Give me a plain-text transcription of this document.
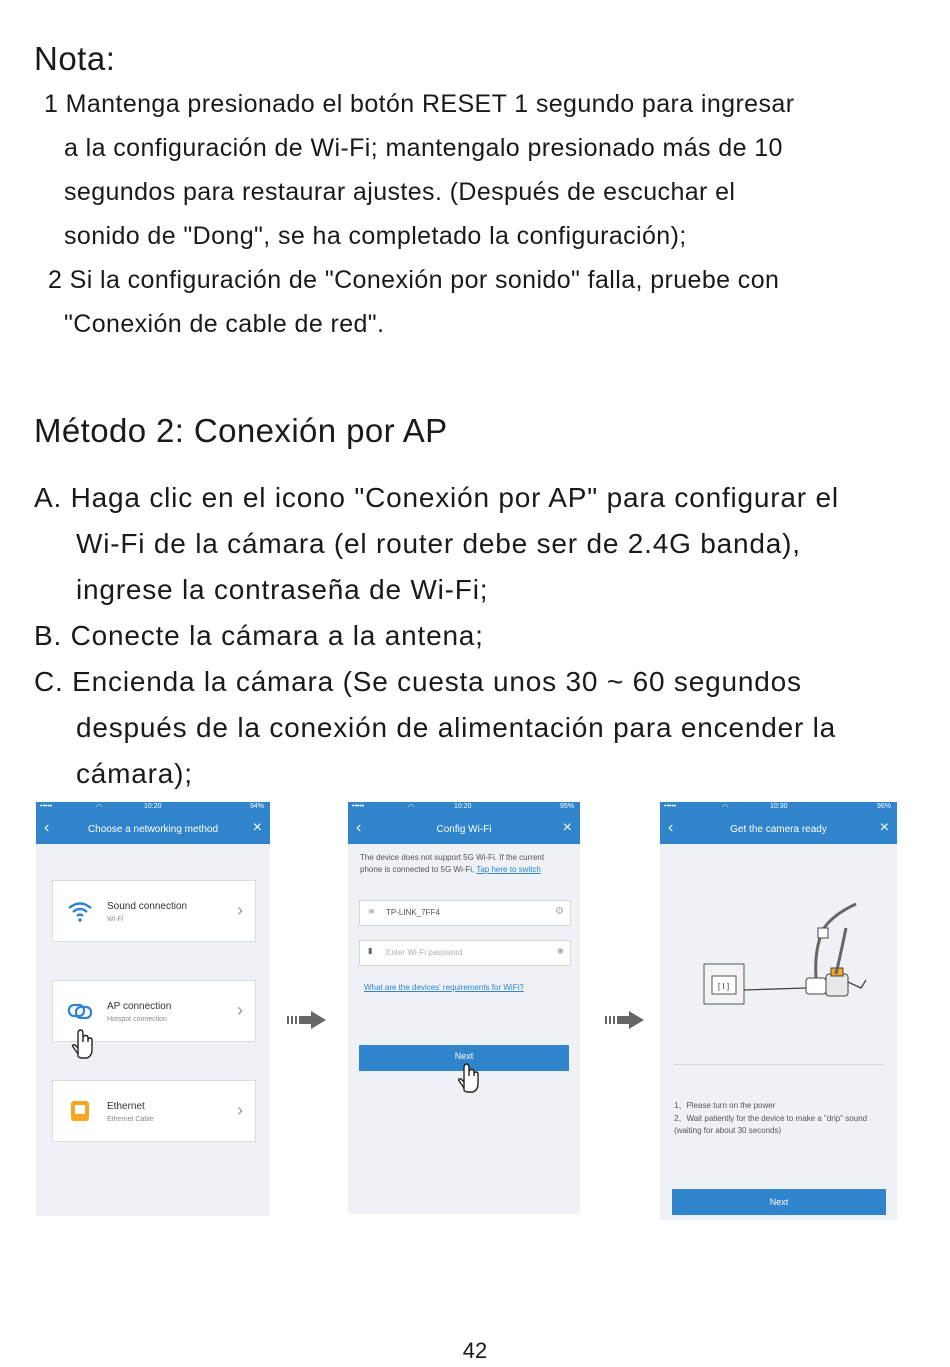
Nota:
1 Mantenga presionado el botón RESET 1 segundo para ingresar
a la configuración de Wi-Fi; mantengalo presionado más de 10
segundos para restaurar ajustes. (Después de escuchar el
sonido de "Dong", se ha completado la configuración);
2 Si la configuración de "Conexión por sonido" falla, pruebe con
"Conexión de cable de red".
Método 2: Conexión por AP
A. Haga clic en el icono "Conexión por AP" para configurar el
Wi-Fi de la cámara (el router debe ser de 2.4G banda),
ingrese la contraseña de Wi-Fi;
B. Conecte la cámara a la antena;
C. Encienda la cámara (Se cuesta unos 30 ~ 60 segundos
después de la conexión de alimentación para encender la
cámara);
•••••	◠	10:20	94%
‹	Choose a networking method	×
Sound connection
Wi-Fi	›
AP connection
Hotspot connection	›
Ethernet
Ethernet Cable	›
•••••	◠	10:20	95%
‹	Config Wi-Fi	×
The device does not support 5G Wi-Fi. If the current phone is connected to 5G Wi-Fi, Tap here to switch
≋ TP-LINK_7FF4	⚙
▮ Enter Wi-Fi password	◉
What are the devices' requirements for WiFi?
Next
•••••	◠	10:30	96%
‹	Get the camera ready	×
[ I ]
1、Please turn on the power
2、Wait patiently for the device to make a "drip" sound (waiting for about 30 seconds)
Next
42
